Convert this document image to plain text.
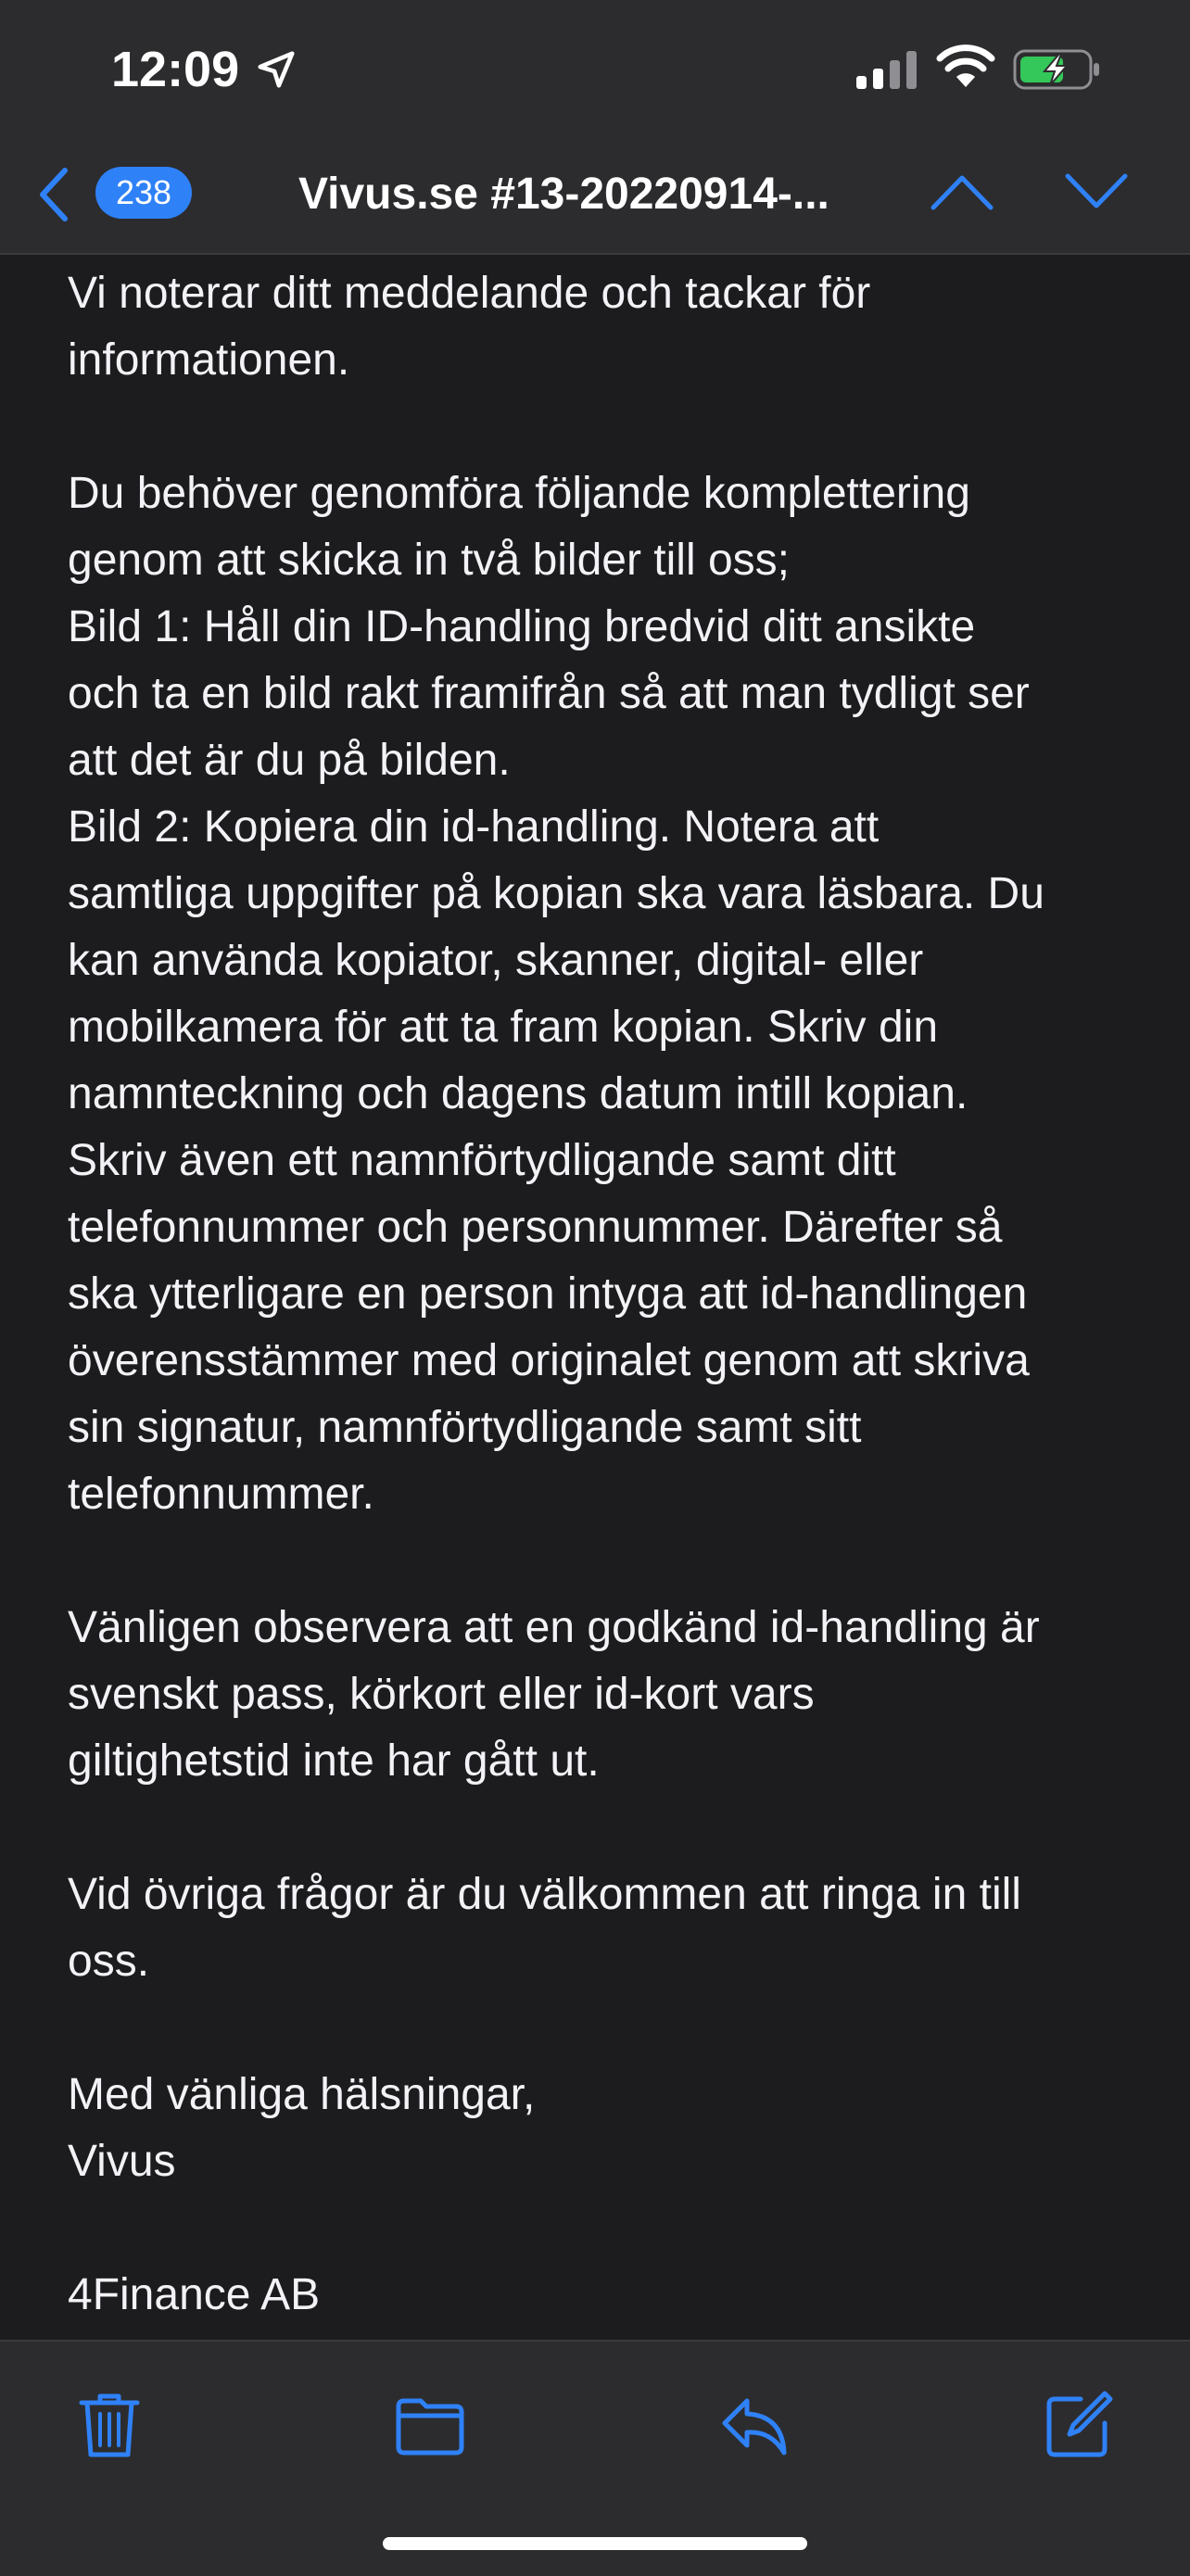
12:09
238	Vivus.se #13-20220914-...

Vi noterar ditt meddelande och tackar för
informationen.

Du behöver genomföra följande komplettering
genom att skicka in två bilder till oss;
Bild 1: Håll din ID-handling bredvid ditt ansikte
och ta en bild rakt framifrån så att man tydligt ser
att det är du på bilden.
Bild 2: Kopiera din id-handling. Notera att
samtliga uppgifter på kopian ska vara läsbara. Du
kan använda kopiator, skanner, digital- eller
mobilkamera för att ta fram kopian. Skriv din
namnteckning och dagens datum intill kopian.
Skriv även ett namnförtydligande samt ditt
telefonnummer och personnummer. Därefter så
ska ytterligare en person intyga att id-handlingen
överensstämmer med originalet genom att skriva
sin signatur, namnförtydligande samt sitt
telefonnummer.

Vänligen observera att en godkänd id-handling är
svenskt pass, körkort eller id-kort vars
giltighetstid inte har gått ut.

Vid övriga frågor är du välkommen att ringa in till
oss.

Med vänliga hälsningar,
Vivus

4Finance AB
